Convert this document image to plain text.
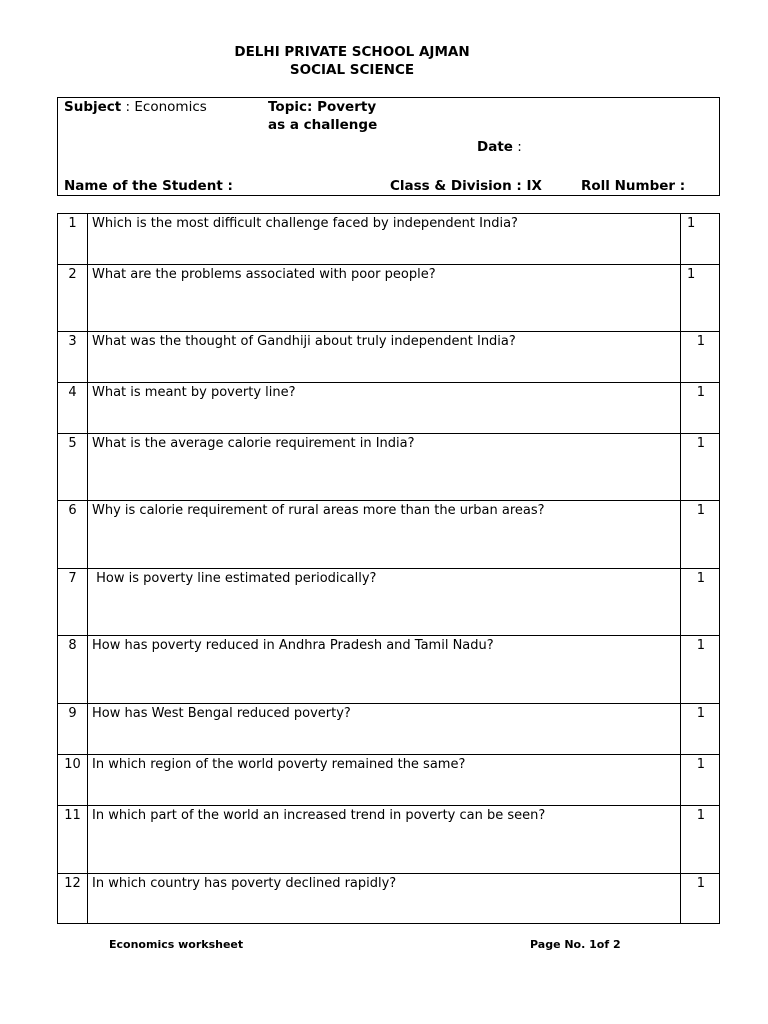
DELHI PRIVATE SCHOOL AJMAN
SOCIAL SCIENCE
Subject : Economics	Topic: Poverty
as a challenge
Date :
Name of the Student :	Class & Division : IX	Roll Number :
1	Which is the most difficult challenge faced by independent India?	1
2	What are the problems associated with poor people?	1
3	What was the thought of Gandhiji about truly independent India?	1
4	What is meant by poverty line?	1
5	What is the average calorie requirement in India?	1
6	Why is calorie requirement of rural areas more than the urban areas?	1
7	How is poverty line estimated periodically?	1
8	How has poverty reduced in Andhra Pradesh and Tamil Nadu?	1
9	How has West Bengal reduced poverty?	1
10	In which region of the world poverty remained the same?	1
11	In which part of the world an increased trend in poverty can be seen?	1
12	In which country has poverty declined rapidly?	1
Economics worksheet	Page No. 1of 2
